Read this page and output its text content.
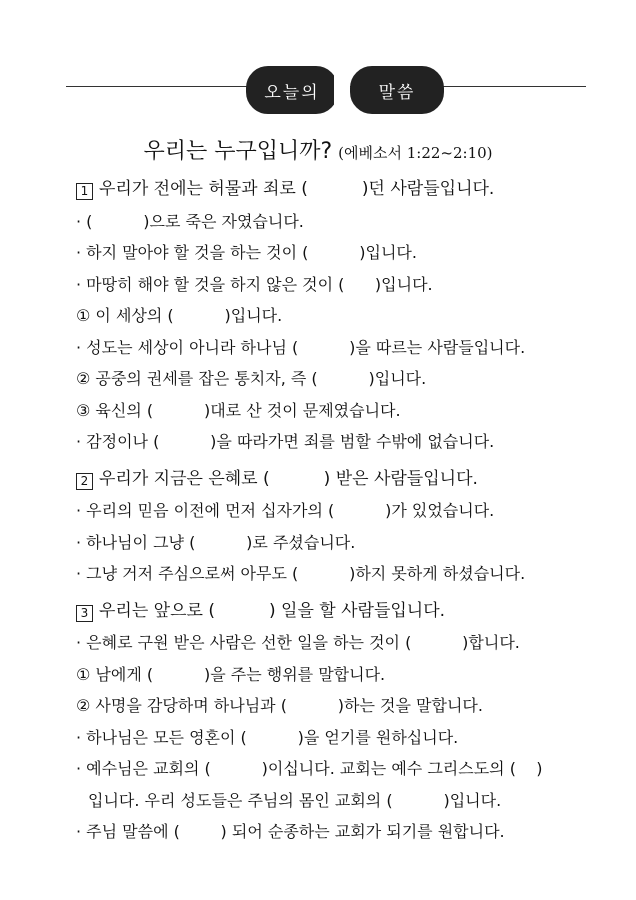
오늘의	말씀
우리는 누구입니까? (에베소서 1:22~2:10)
1 우리가 전에는 허물과 죄로 (          )던 사람들입니다.
· (          )으로 죽은 자였습니다.
· 하지 말아야 할 것을 하는 것이 (          )입니다.
· 마땅히 해야 할 것을 하지 않은 것이 (      )입니다.
① 이 세상의 (          )입니다.
· 성도는 세상이 아니라 하나님 (          )을 따르는 사람들입니다.
② 공중의 권세를 잡은 통치자, 즉 (          )입니다.
③ 육신의 (          )대로 산 것이 문제였습니다.
· 감정이나 (          )을 따라가면 죄를 범할 수밖에 없습니다.
2 우리가 지금은 은혜로 (          ) 받은 사람들입니다.
· 우리의 믿음 이전에 먼저 십자가의 (          )가 있었습니다.
· 하나님이 그냥 (          )로 주셨습니다.
· 그냥 거저 주심으로써 아무도 (          )하지 못하게 하셨습니다.
3 우리는 앞으로 (          ) 일을 할 사람들입니다.
· 은혜로 구원 받은 사람은 선한 일을 하는 것이 (          )합니다.
① 남에게 (          )을 주는 행위를 말합니다.
② 사명을 감당하며 하나님과 (          )하는 것을 말합니다.
· 하나님은 모든 영혼이 (          )을 얻기를 원하십니다.
· 예수님은 교회의 (          )이십니다. 교회는 예수 그리스도의 (    )
입니다. 우리 성도들은 주님의 몸인 교회의 (          )입니다.
· 주님 말씀에 (        ) 되어 순종하는 교회가 되기를 원합니다.
